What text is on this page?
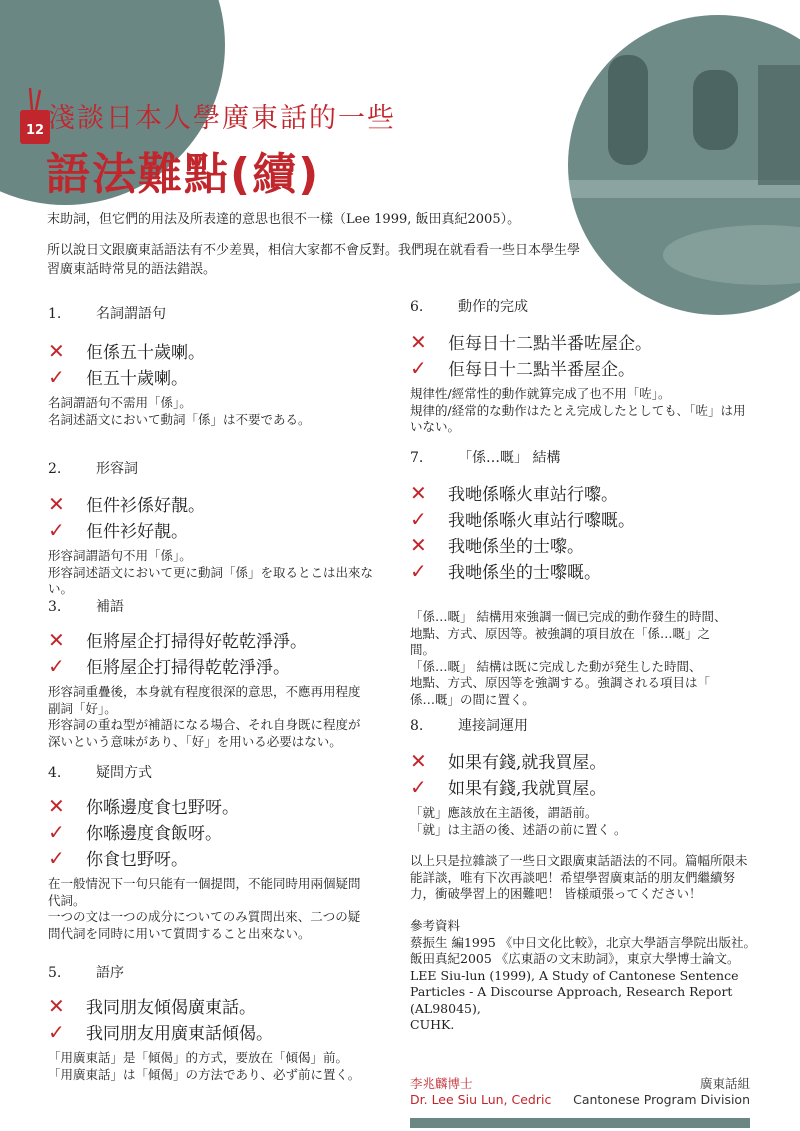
12 淺談日本人學廣東話的一些
語法難點(續)
末助詞，但它們的用法及所表達的意思也很不一樣（Lee 1999, 飯田真紀2005）。
所以說日文跟廣東話語法有不少差異，相信大家都不會反對。我們現在就看看一些日本學生學習廣東話時常見的語法錯誤。
1. 名詞謂語句
✕ 佢係五十歲喇。
✓ 佢五十歲喇。
名詞謂語句不需用「係」。
名詞述語文において動詞「係」は不要である。
2. 形容詞
✕ 佢件衫係好靚。
✓ 佢件衫好靚。
形容詞謂語句不用「係」。
形容詞述語文において更に動詞「係」を取るとこは出來ない。
3. 補語
✕ 佢將屋企打掃得好乾乾淨淨。
✓ 佢將屋企打掃得乾乾淨淨。
形容詞重疊後，本身就有程度很深的意思，不應再用程度
副詞「好」。
形容詞の重ね型が補語になる場合、それ自身既に程度が
深いという意味があり、「好」を用いる必要はない。
4. 疑問方式
✕ 你喺邊度食乜野呀。
✓ 你喺邊度食飯呀。
✓ 你食乜野呀。
在一般情況下一句只能有一個提問，不能同時用兩個疑問
代詞。
一つの文は一つの成分についてのみ質問出來、二つの疑
問代詞を同時に用いて質問すること出來ない。
5. 語序
✕ 我同朋友傾偈廣東話。
✓ 我同朋友用廣東話傾偈。
「用廣東話」是「傾偈」的方式，要放在「傾偈」前。
「用廣東話」は「傾偈」の方法であり、必ず前に置く。
6. 動作的完成
✕ 佢每日十二點半番咗屋企。
✓ 佢每日十二點半番屋企。
規律性/經常性的動作就算完成了也不用「咗」。
規律的/経常的な動作はたとえ完成したとしても､「咗」は用
いない。
7. 「係…嘅」 結構
✕ 我哋係喺火車站行嚟。
✓ 我哋係喺火車站行嚟嘅。
✕ 我哋係坐的士嚟。
✓ 我哋係坐的士嚟嘅。
「係…嘅」 結構用來強調一個已完成的動作發生的時間、
地點、方式、原因等。被強調的項目放在「係…嘅」之
間。
「係…嘅」 結構は既に完成した動が発生した時間、
地點、方式、原因等を強調する。強調される項目は「
係…嘅」の間に置く。
8. 連接詞運用
✕ 如果有錢,就我買屋。
✓ 如果有錢,我就買屋。
「就」應該放在主語後，謂語前。
「就」は主語の後、述語の前に置く 。
以上只是拉雜談了一些日文跟廣東話語法的不同。篇幅所限未
能詳談，唯有下次再談吧！希望學習廣東話的朋友們繼續努
力，衝破學習上的困難吧！ 皆様頑張ってください！
參考資料
蔡振生 編1995 《中日文化比較》，北京大學語言學院出版社。
飯田真紀2005 《広東語の文末助詞》，東京大學博士論文。
LEE Siu-lun (1999), A Study of Cantonese Sentence
Particles - A Discourse Approach, Research Report (AL98045),
CUHK.
李兆麟博士
Dr. Lee Siu Lun, Cedric
廣東話組
Cantonese Program Division
